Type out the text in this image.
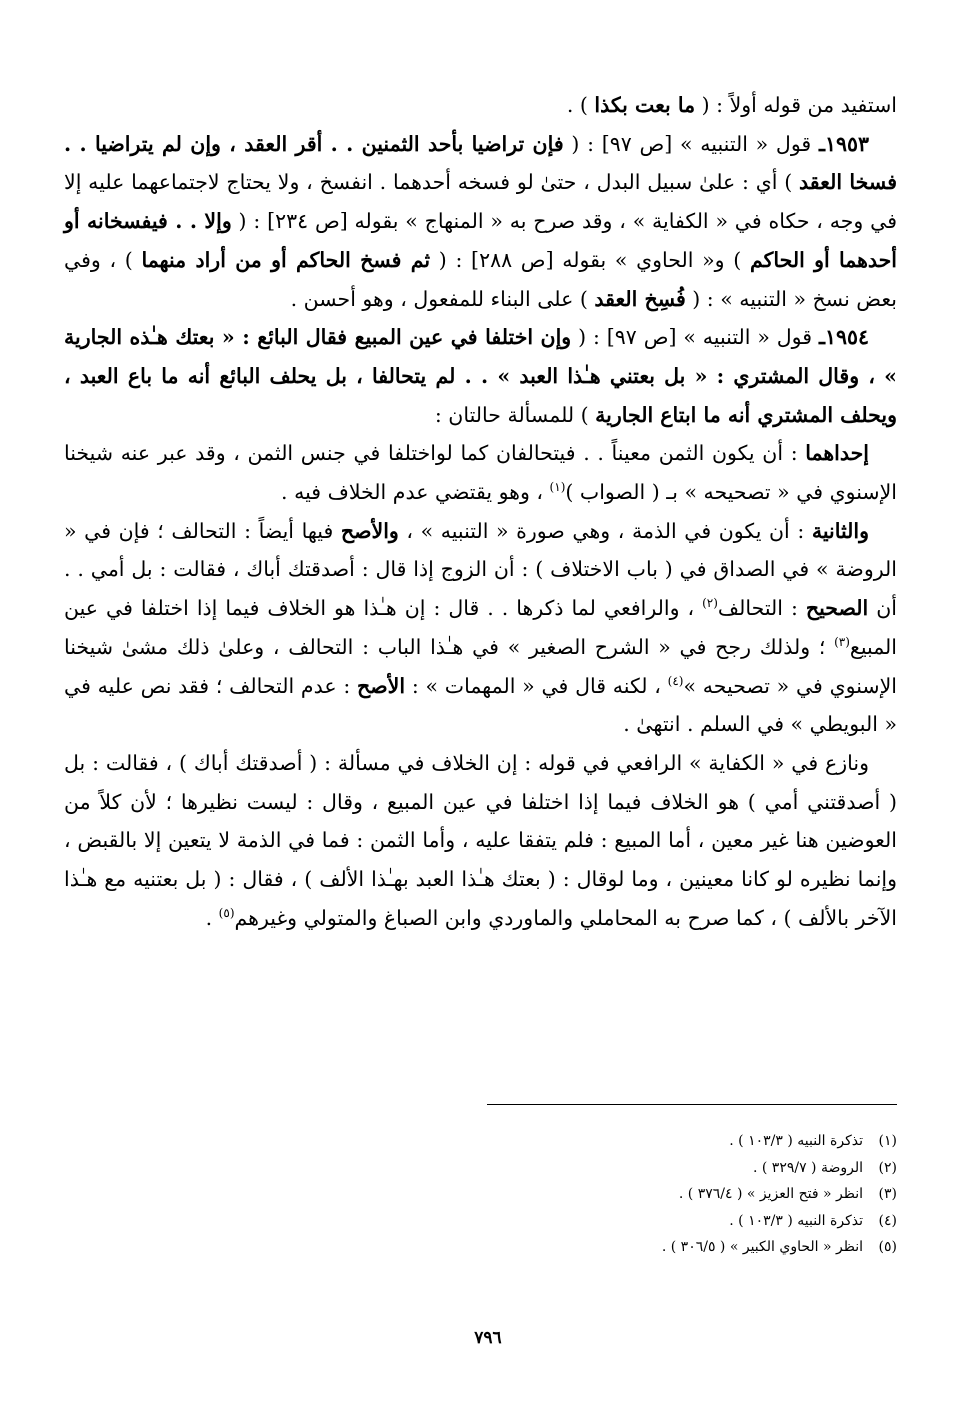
استفيد من قوله أولاً : ( ما بعت بكذا ) .

١٩٥٣ـ قول « التنبيه » [ص ٩٧] : ( فإن تراضيا بأحد الثمنين . . أقر العقد ، وإن لم يتراضيا . . فسخا العقد ) أي : علىٰ سبيل البدل ، حتىٰ لو فسخه أحدهما . انفسخ ، ولا يحتاج لاجتماعهما عليه إلا في وجه ، حكاه في « الكفاية » ، وقد صرح به « المنهاج » بقوله [ص ٢٣٤] : ( وإلا . . فيفسخانه أو أحدهما أو الحاكم ) و« الحاوي » بقوله [ص ٢٨٨] : ( ثم فسخ الحاكم أو من أراد منهما ) ، وفي بعض نسخ « التنبيه » : ( فُسِخ العقد ) على البناء للمفعول ، وهو أحسن .

١٩٥٤ـ قول « التنبيه » [ص ٩٧] : ( وإن اختلفا في عين المبيع فقال البائع : « بعتك هـٰذه الجارية » ، وقال المشتري : « بل بعتني هـٰذا العبد » . . لم يتحالفا ، بل يحلف البائع أنه ما باع العبد ، ويحلف المشتري أنه ما ابتاع الجارية ) للمسألة حالتان :

إحداهما : أن يكون الثمن معيناً . . فيتحالفان كما لواختلفا في جنس الثمن ، وقد عبر عنه شيخنا الإسنوي في « تصحيحه » بـ ( الصواب )$^{(١)}$ ، وهو يقتضي عدم الخلاف فيه .

والثانية : أن يكون في الذمة ، وهي صورة « التنبيه » ، والأصح فيها أيضاً : التحالف ؛ فإن في « الروضة » في الصداق في ( باب الاختلاف ) : أن الزوج إذا قال : أصدقتك أباك ، فقالت : بل أمي . . أن الصحيح : التحالف$^{(٢)}$ ، والرافعي لما ذكرها . . قال : إن هـٰذا هو الخلاف فيما إذا اختلفا في عين المبيع$^{(٣)}$ ؛ ولذلك رجح في « الشرح الصغير » في هـٰذا الباب : التحالف ، وعلىٰ ذلك مشىٰ شيخنا الإسنوي في « تصحيحه »$^{(٤)}$ ، لكنه قال في « المهمات » : الأصح : عدم التحالف ؛ فقد نص عليه في « البويطي » في السلم . انتهىٰ .

ونازع في « الكفاية » الرافعي في قوله : إن الخلاف في مسألة : ( أصدقتك أباك ) ، فقالت : بل ( أصدقتني أمي ) هو الخلاف فيما إذا اختلفا في عين المبيع ، وقال : ليست نظيرها ؛ لأن كلاً من العوضين هنا غير معين ، أما المبيع : فلم يتفقا عليه ، وأما الثمن : فما في الذمة لا يتعين إلا بالقبض ، وإنما نظيره لو كانا معينين ، وما لوقال : ( بعتك هـٰذا العبد بهـٰذا الألف ) ، فقال : ( بل بعتنيه مع هـٰذا الآخر بالألف ) ، كما صرح به المحاملي والماوردي وابن الصباغ والمتولي وغيرهم$^{(٥)}$ .

(١)تذكرة النبيه ( ١٠٣/٣ ) .
(٢)الروضة ( ٣٢٩/٧ ) .
(٣)انظر « فتح العزيز » ( ٣٧٦/٤ ) .
(٤)تذكرة النبيه ( ١٠٣/٣ ) .
(٥)انظر « الحاوي الكبير » ( ٣٠٦/٥ ) .
٧٩٦
